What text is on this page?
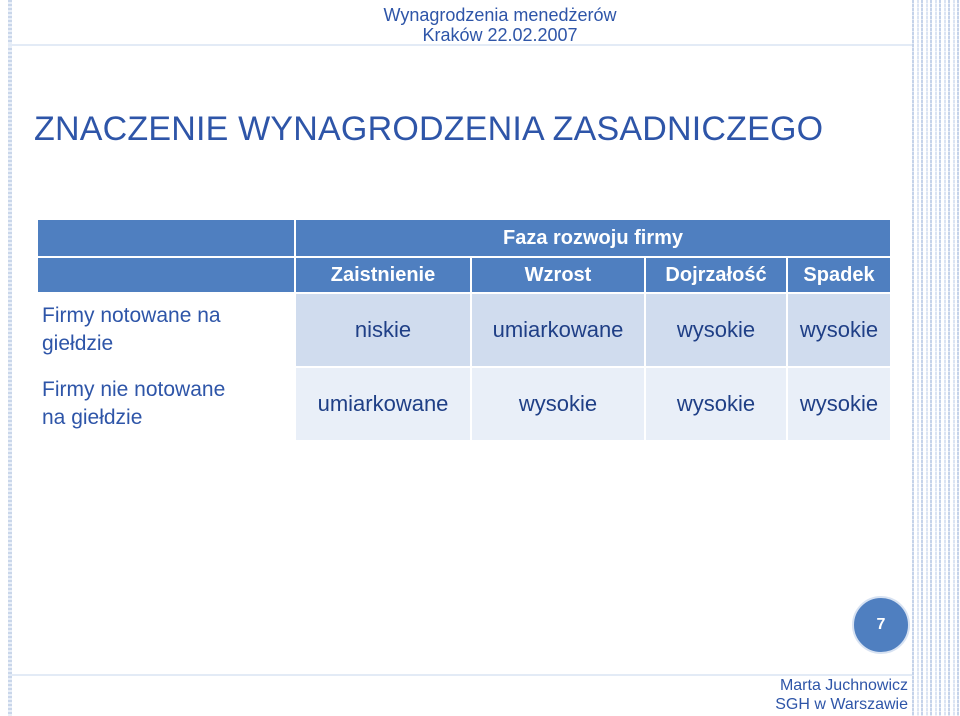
Wynagrodzenia menedżerów
Kraków 22.02.2007
ZNACZENIE WYNAGRODZENIA ZASADNICZEGO
	Faza rozwoju firmy			
	Zaistnienie	Wzrost	Dojrzałość	Spadek

Firmy notowane na
giełdzie	niskie	umiarkowane	wysokie	wysokie

Firmy nie notowane
na giełdzie	umiarkowane	wysokie	wysokie	wysokie
7
Marta Juchnowicz
SGH w Warszawie
